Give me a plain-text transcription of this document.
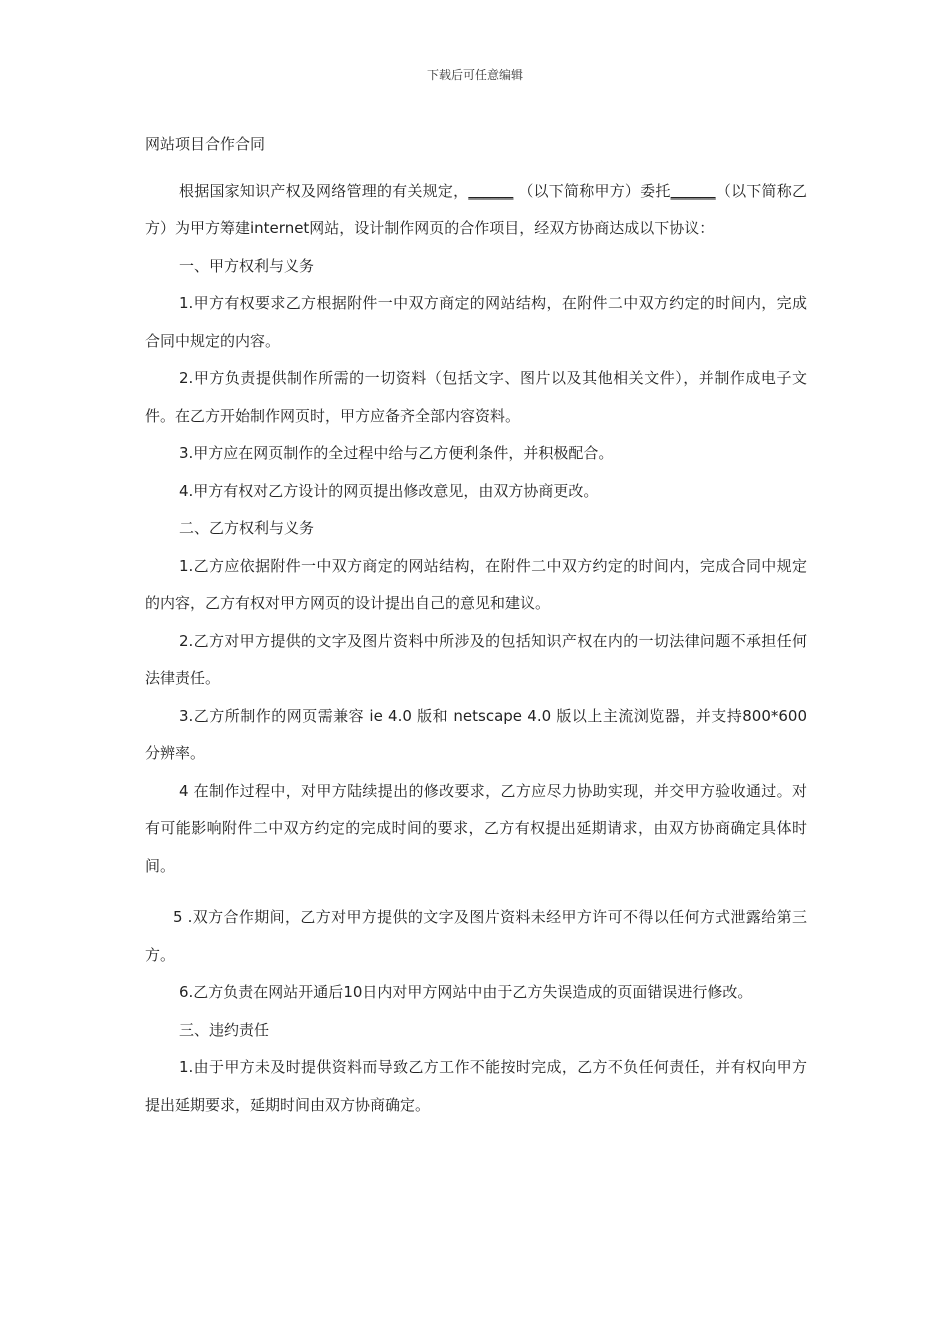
下载后可任意编辑

网站项目合作合同

根据国家知识产权及网络管理的有关规定，______ （以下简称甲方）委托______（以下简称乙方）为甲方筹建internet网站，设计制作网页的合作项目，经双方协商达成以下协议：

一、甲方权利与义务

1.甲方有权要求乙方根据附件一中双方商定的网站结构，在附件二中双方约定的时间内，完成合同中规定的内容。

2.甲方负责提供制作所需的一切资料（包括文字、图片以及其他相关文件），并制作成电子文件。在乙方开始制作网页时，甲方应备齐全部内容资料。

3.甲方应在网页制作的全过程中给与乙方便利条件，并积极配合。

4.甲方有权对乙方设计的网页提出修改意见，由双方协商更改。

二、乙方权利与义务

1.乙方应依据附件一中双方商定的网站结构，在附件二中双方约定的时间内，完成合同中规定的内容，乙方有权对甲方网页的设计提出自己的意见和建议。

2.乙方对甲方提供的文字及图片资料中所涉及的包括知识产权在内的一切法律问题不承担任何法律责任。

3.乙方所制作的网页需兼容 ie 4.0 版和 netscape 4.0 版以上主流浏览器，并支持800*600 分辨率。

4 在制作过程中，对甲方陆续提出的修改要求，乙方应尽力协助实现，并交甲方验收通过。对有可能影响附件二中双方约定的完成时间的要求，乙方有权提出延期请求，由双方协商确定具体时间。

5 .双方合作期间，乙方对甲方提供的文字及图片资料未经甲方许可不得以任何方式泄露给第三方。

6.乙方负责在网站开通后10日内对甲方网站中由于乙方失误造成的页面错误进行修改。

三、违约责任

1.由于甲方未及时提供资料而导致乙方工作不能按时完成，乙方不负任何责任，并有权向甲方提出延期要求，延期时间由双方协商确定。
